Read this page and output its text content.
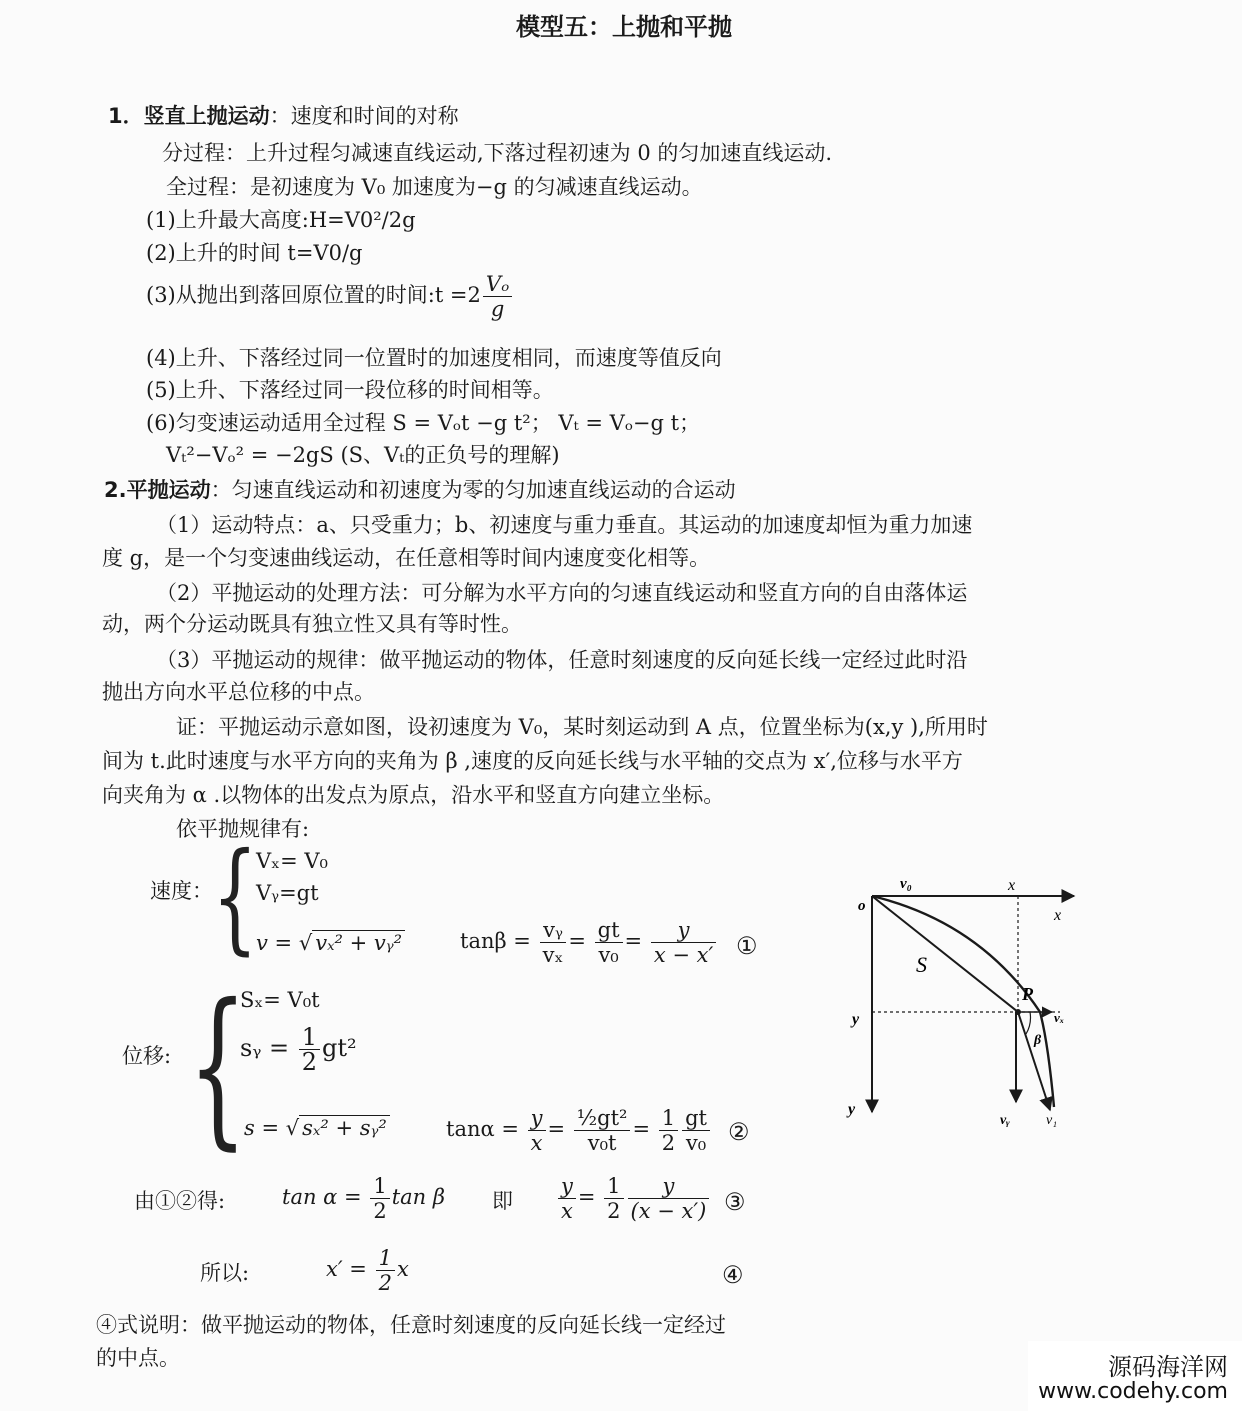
模型五：上抛和平抛
1．竖直上抛运动：速度和时间的对称
分过程：上升过程匀减速直线运动,下落过程初速为 0 的匀加速直线运动.
全过程：是初速度为 V₀ 加速度为−g 的匀减速直线运动。
(1)上升最大高度:H=V0²/2g
(2)上升的时间 t=V0/g
(3)从抛出到落回原位置的时间:t $=2 \frac{\text{Vₒ}}{g}$
(4)上升、下落经过同一位置时的加速度相同，而速度等值反向
(5)上升、下落经过同一段位移的时间相等。
(6)匀变速运动适用全过程 S = Vₒt −g t²； Vₜ = Vₒ−g t；
Vₜ²−Vₒ² = −2gS (S、Vₜ的正负号的理解)
2.平抛运动：匀速直线运动和初速度为零的匀加速直线运动的合运动
（1）运动特点：a、只受重力；b、初速度与重力垂直。其运动的加速度却恒为重力加速
度 g，是一个匀变速曲线运动，在任意相等时间内速度变化相等。
（2）平抛运动的处理方法：可分解为水平方向的匀速直线运动和竖直方向的自由落体运
动，两个分运动既具有独立性又具有等时性。
（3）平抛运动的规律：做平抛运动的物体，任意时刻速度的反向延长线一定经过此时沿
抛出方向水平总位移的中点。
证：平抛运动示意如图，设初速度为 V₀，某时刻运动到 A 点，位置坐标为(x,y ),所用时
间为 t.此时速度与水平方向的夹角为 β ,速度的反向延长线与水平轴的交点为 x′,位移与水平方
向夹角为 α .以物体的出发点为原点，沿水平和竖直方向建立坐标。
依平抛规律有:
速度： {
Vₓ= V₀
Vᵧ=gt
v = √ vₓ² + vᵧ²	$\tan\beta = \frac{\text{vᵧ}}{\text{vₓ}} = \frac{gt}{\text{v₀}} = \frac{y}{x - x'}$ ①
位移: {
Sₓ= V₀t
sᵧ = $\frac{1}{2} gt^2$
s = √ sₓ² + sᵧ²	$\tan\alpha = \frac{y}{x} = \frac{\text{½gt²}}{\text{v₀t}} = \frac{1}{2} \frac{gt}{\text{v₀}}$ ②
由①②得:	$\tan \alpha = \frac{1}{2}$ tan β 即 $\frac{y}{x} = \frac{1}{2} \frac{y}{(x - x')}$ ③
所以:	$x' = \frac{1}{2}$ x	④
④式说明：做平抛运动的物体，任意时刻速度的反向延长线一定经过
的中点。
o
v₀	x
x
S
P
y
y
vₓ
vᵧ	v₁
β
源码海洋网
www.codehy.com
